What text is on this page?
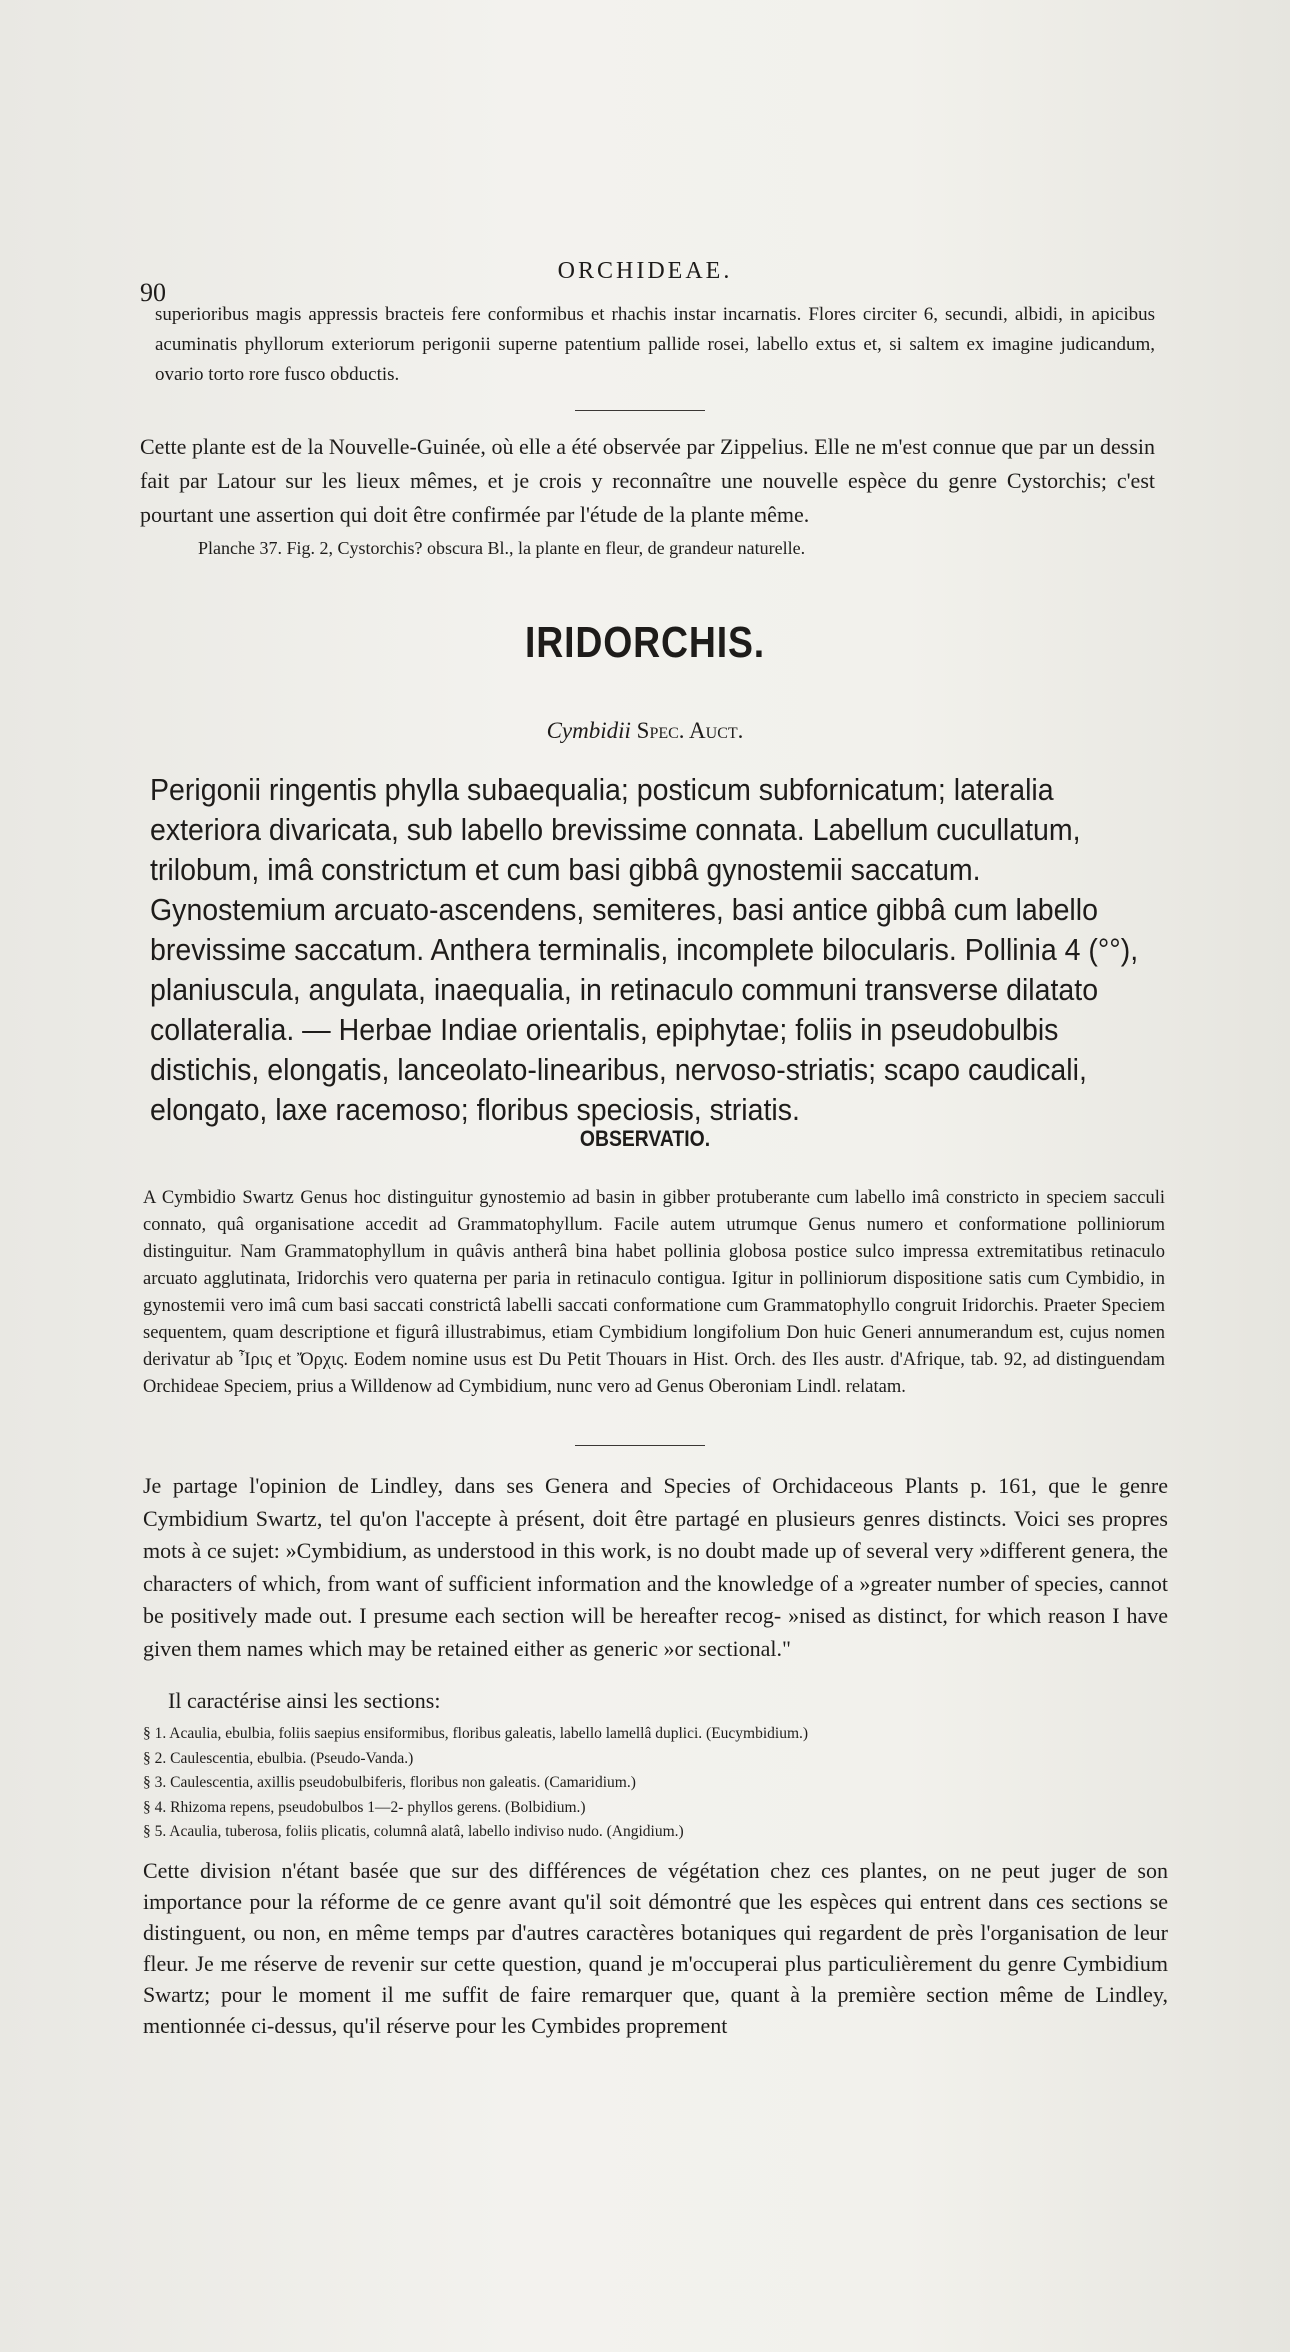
90
ORCHIDEAE.
superioribus magis appressis bracteis fere conformibus et rhachis instar incarnatis. Flores circiter 6, secundi, albidi, in apicibus acuminatis phyllorum exteriorum perigonii superne patentium pallide rosei, labello extus et, si saltem ex imagine judicandum, ovario torto rore fusco obductis.
Cette plante est de la Nouvelle-Guinée, où elle a été observée par Zippelius. Elle ne m'est connue que par un dessin fait par Latour sur les lieux mêmes, et je crois y reconnaître une nouvelle espèce du genre Cystorchis; c'est pourtant une assertion qui doit être confirmée par l'étude de la plante même.
Planche 37. Fig. 2, Cystorchis? obscura Bl., la plante en fleur, de grandeur naturelle.
IRIDORCHIS.
Cymbidii Spec. Auct.
Perigonii ringentis phylla subaequalia; posticum subfornicatum; lateralia exteriora divaricata, sub labello brevissime connata. Labellum cucullatum, trilobum, imâ constrictum et cum basi gibbâ gynostemii saccatum. Gynostemium arcuato-ascendens, semiteres, basi antice gibbâ cum labello brevissime saccatum. Anthera terminalis, incomplete bilocularis. Pollinia 4 (°°), planiuscula, angulata, inaequalia, in retinaculo communi transverse dilatato collateralia. — Herbae Indiae orientalis, epiphytae; foliis in pseudobulbis distichis, elongatis, lanceolato-linearibus, nervoso-striatis; scapo caudicali, elongato, laxe racemoso; floribus speciosis, striatis.
OBSERVATIO.
A Cymbidio Swartz Genus hoc distinguitur gynostemio ad basin in gibber protuberante cum labello imâ constricto in speciem sacculi connato, quâ organisatione accedit ad Grammatophyllum. Facile autem utrumque Genus numero et conformatione polliniorum distinguitur. Nam Grammatophyllum in quâvis antherâ bina habet pollinia globosa postice sulco impressa extremitatibus retinaculo arcuato agglutinata, Iridorchis vero quaterna per paria in retinaculo contigua. Igitur in polliniorum dispositione satis cum Cymbidio, in gynostemii vero imâ cum basi saccati constrictâ labelli saccati conformatione cum Grammatophyllo congruit Iridorchis. Praeter Speciem sequentem, quam descriptione et figurâ illustrabimus, etiam Cymbidium longifolium Don huic Generi annumerandum est, cujus nomen derivatur ab Ἶρις et Ὄρχις. Eodem nomine usus est Du Petit Thouars in Hist. Orch. des Iles austr. d'Afrique, tab. 92, ad distinguendam Orchideae Speciem, prius a Willdenow ad Cymbidium, nunc vero ad Genus Oberoniam Lindl. relatam.
Je partage l'opinion de Lindley, dans ses Genera and Species of Orchidaceous Plants p. 161, que le genre Cymbidium Swartz, tel qu'on l'accepte à présent, doit être partagé en plusieurs genres distincts. Voici ses propres mots à ce sujet: »Cymbidium, as understood in this work, is no doubt made up of several very »different genera, the characters of which, from want of sufficient information and the knowledge of a »greater number of species, cannot be positively made out. I presume each section will be hereafter recog- »nised as distinct, for which reason I have given them names which may be retained either as generic »or sectional."
Il caractérise ainsi les sections:
§ 1. Acaulia, ebulbia, foliis saepius ensiformibus, floribus galeatis, labello lamellâ duplici. (Eucymbidium.)
§ 2. Caulescentia, ebulbia. (Pseudo-Vanda.)
§ 3. Caulescentia, axillis pseudobulbiferis, floribus non galeatis. (Camaridium.)
§ 4. Rhizoma repens, pseudobulbos 1—2- phyllos gerens. (Bolbidium.)
§ 5. Acaulia, tuberosa, foliis plicatis, columnâ alatâ, labello indiviso nudo. (Angidium.)
Cette division n'étant basée que sur des différences de végétation chez ces plantes, on ne peut juger de son importance pour la réforme de ce genre avant qu'il soit démontré que les espèces qui entrent dans ces sections se distinguent, ou non, en même temps par d'autres caractères botaniques qui regardent de près l'organisation de leur fleur. Je me réserve de revenir sur cette question, quand je m'occuperai plus particulièrement du genre Cymbidium Swartz; pour le moment il me suffit de faire remarquer que, quant à la première section même de Lindley, mentionnée ci-dessus, qu'il réserve pour les Cymbides proprement
